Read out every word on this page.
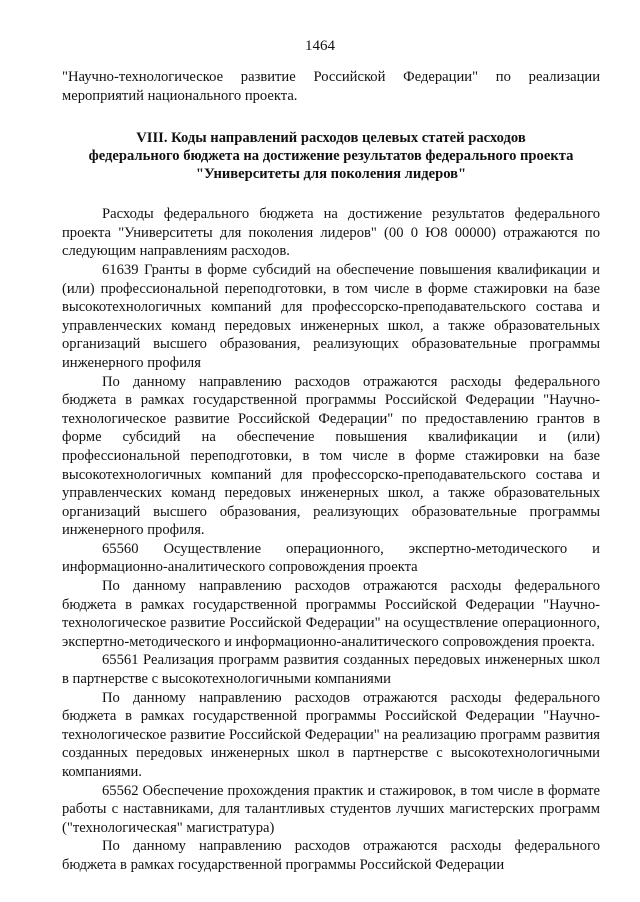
1464

"Научно-технологическое развитие Российской Федерации" по реализации мероприятий национального проекта.

VIII. Коды направлений расходов целевых статей расходов
федерального бюджета на достижение результатов федерального проекта
"Университеты для поколения лидеров"

Расходы федерального бюджета на достижение результатов федерального проекта "Университеты для поколения лидеров" (00 0 Ю8 00000) отражаются по следующим направлениям расходов.

61639 Гранты в форме субсидий на обеспечение повышения квалификации и (или) профессиональной переподготовки, в том числе в форме стажировки на базе высокотехнологичных компаний для профессорско-преподавательского состава и управленческих команд передовых инженерных школ, а также образовательных организаций высшего образования, реализующих образовательные программы инженерного профиля

По данному направлению расходов отражаются расходы федерального бюджета в рамках государственной программы Российской Федерации "Научно-технологическое развитие Российской Федерации" по предоставлению грантов в форме субсидий на обеспечение повышения квалификации и (или) профессиональной переподготовки, в том числе в форме стажировки на базе высокотехнологичных компаний для профессорско-преподавательского состава и управленческих команд передовых инженерных школ, а также образовательных организаций высшего образования, реализующих образовательные программы инженерного профиля.

65560 Осуществление операционного, экспертно-методического и информационно-аналитического сопровождения проекта

По данному направлению расходов отражаются расходы федерального бюджета в рамках государственной программы Российской Федерации "Научно-технологическое развитие Российской Федерации" на осуществление операционного, экспертно-методического и информационно-аналитического сопровождения проекта.

65561 Реализация программ развития созданных передовых инженерных школ в партнерстве с высокотехнологичными компаниями

По данному направлению расходов отражаются расходы федерального бюджета в рамках государственной программы Российской Федерации "Научно-технологическое развитие Российской Федерации" на реализацию программ развития созданных передовых инженерных школ в партнерстве с высокотехнологичными компаниями.

65562 Обеспечение прохождения практик и стажировок, в том числе в формате работы с наставниками, для талантливых студентов лучших магистерских программ ("технологическая" магистратура)

По данному направлению расходов отражаются расходы федерального бюджета в рамках государственной программы Российской Федерации
